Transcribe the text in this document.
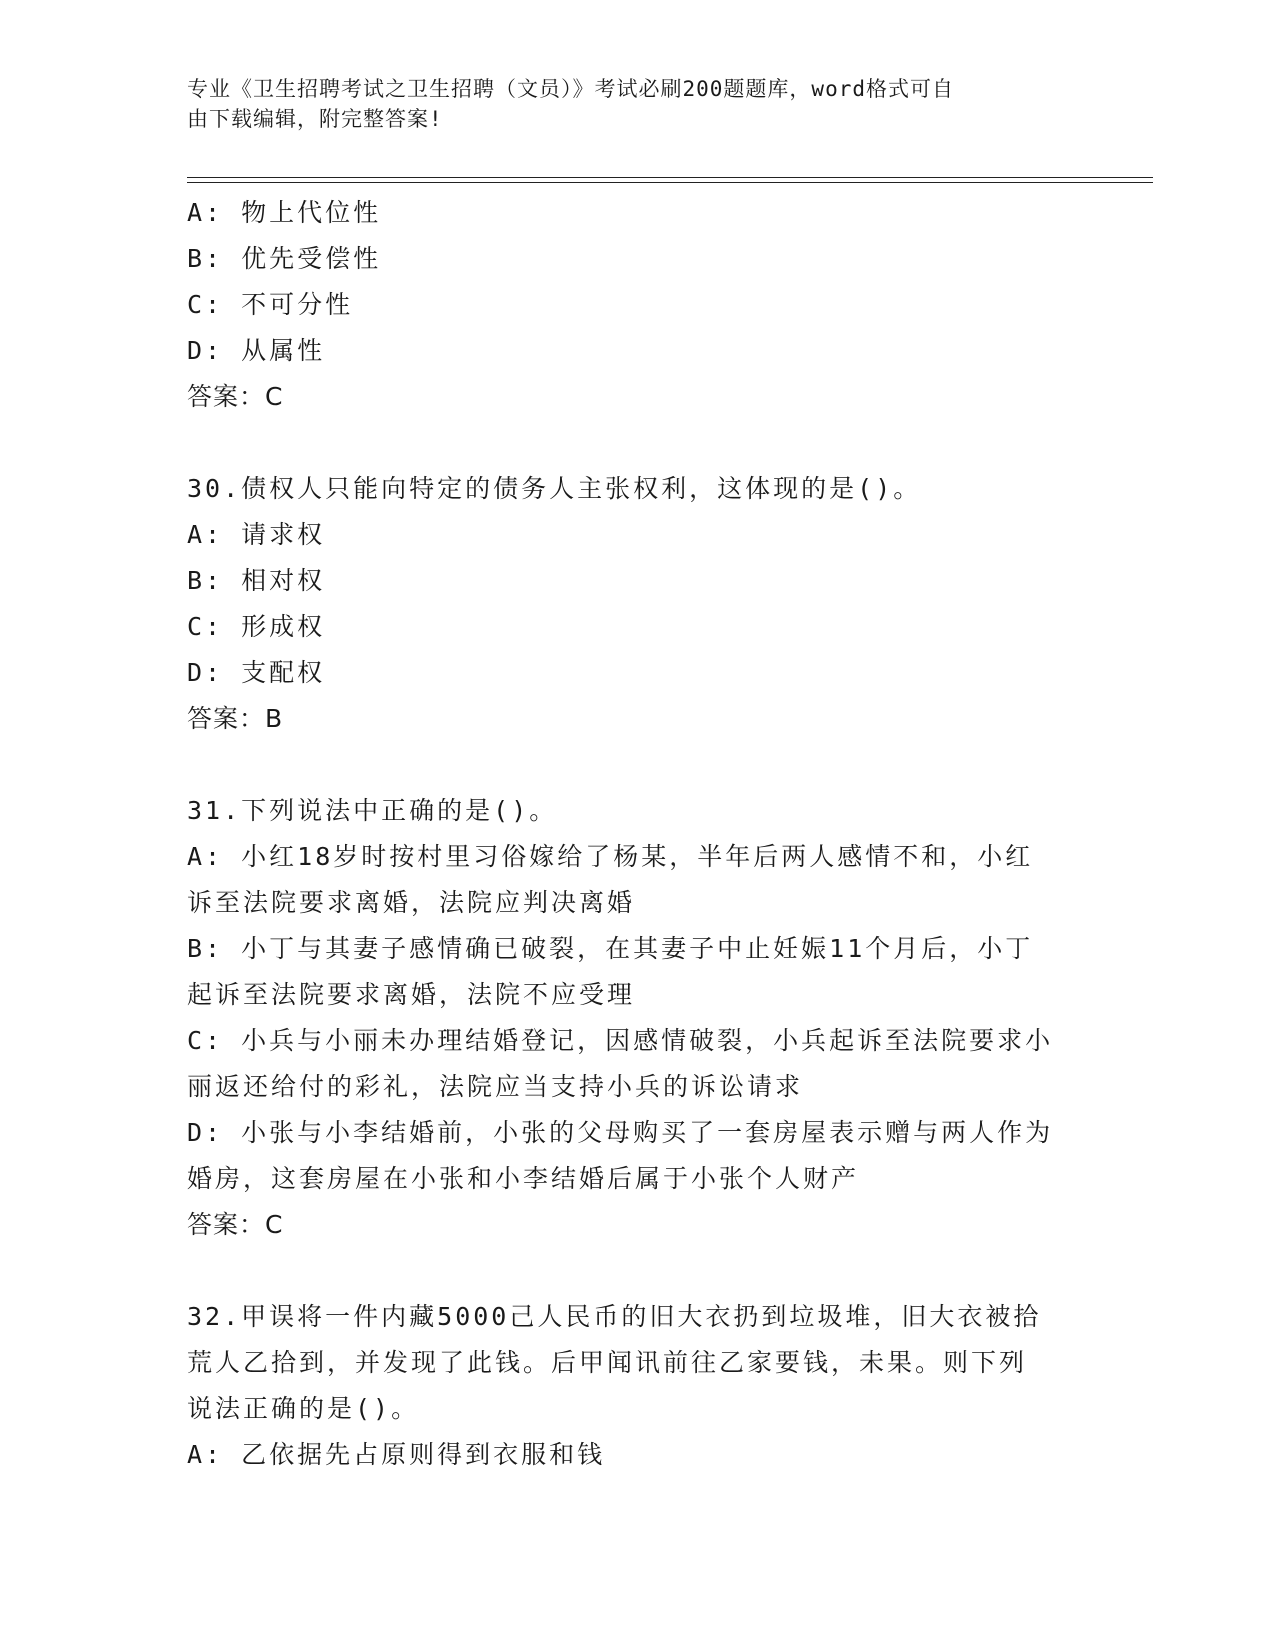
专业《卫生招聘考试之卫生招聘（文员）》考试必刷200题题库，word格式可自
由下载编辑，附完整答案!
A: 物上代位性
B: 优先受偿性
C: 不可分性
D: 从属性
答案：C
30.债权人只能向特定的债务人主张权利，这体现的是()。
A: 请求权
B: 相对权
C: 形成权
D: 支配权
答案：B
31.下列说法中正确的是()。
A: 小红18岁时按村里习俗嫁给了杨某，半年后两人感情不和，小红
诉至法院要求离婚，法院应判决离婚
B: 小丁与其妻子感情确已破裂，在其妻子中止妊娠11个月后，小丁
起诉至法院要求离婚，法院不应受理
C: 小兵与小丽未办理结婚登记，因感情破裂，小兵起诉至法院要求小
丽返还给付的彩礼，法院应当支持小兵的诉讼请求
D: 小张与小李结婚前，小张的父母购买了一套房屋表示赠与两人作为
婚房，这套房屋在小张和小李结婚后属于小张个人财产
答案：C
32.甲误将一件内藏5000己人民币的旧大衣扔到垃圾堆，旧大衣被拾
荒人乙拾到，并发现了此钱。后甲闻讯前往乙家要钱，未果。则下列
说法正确的是()。
A: 乙依据先占原则得到衣服和钱
